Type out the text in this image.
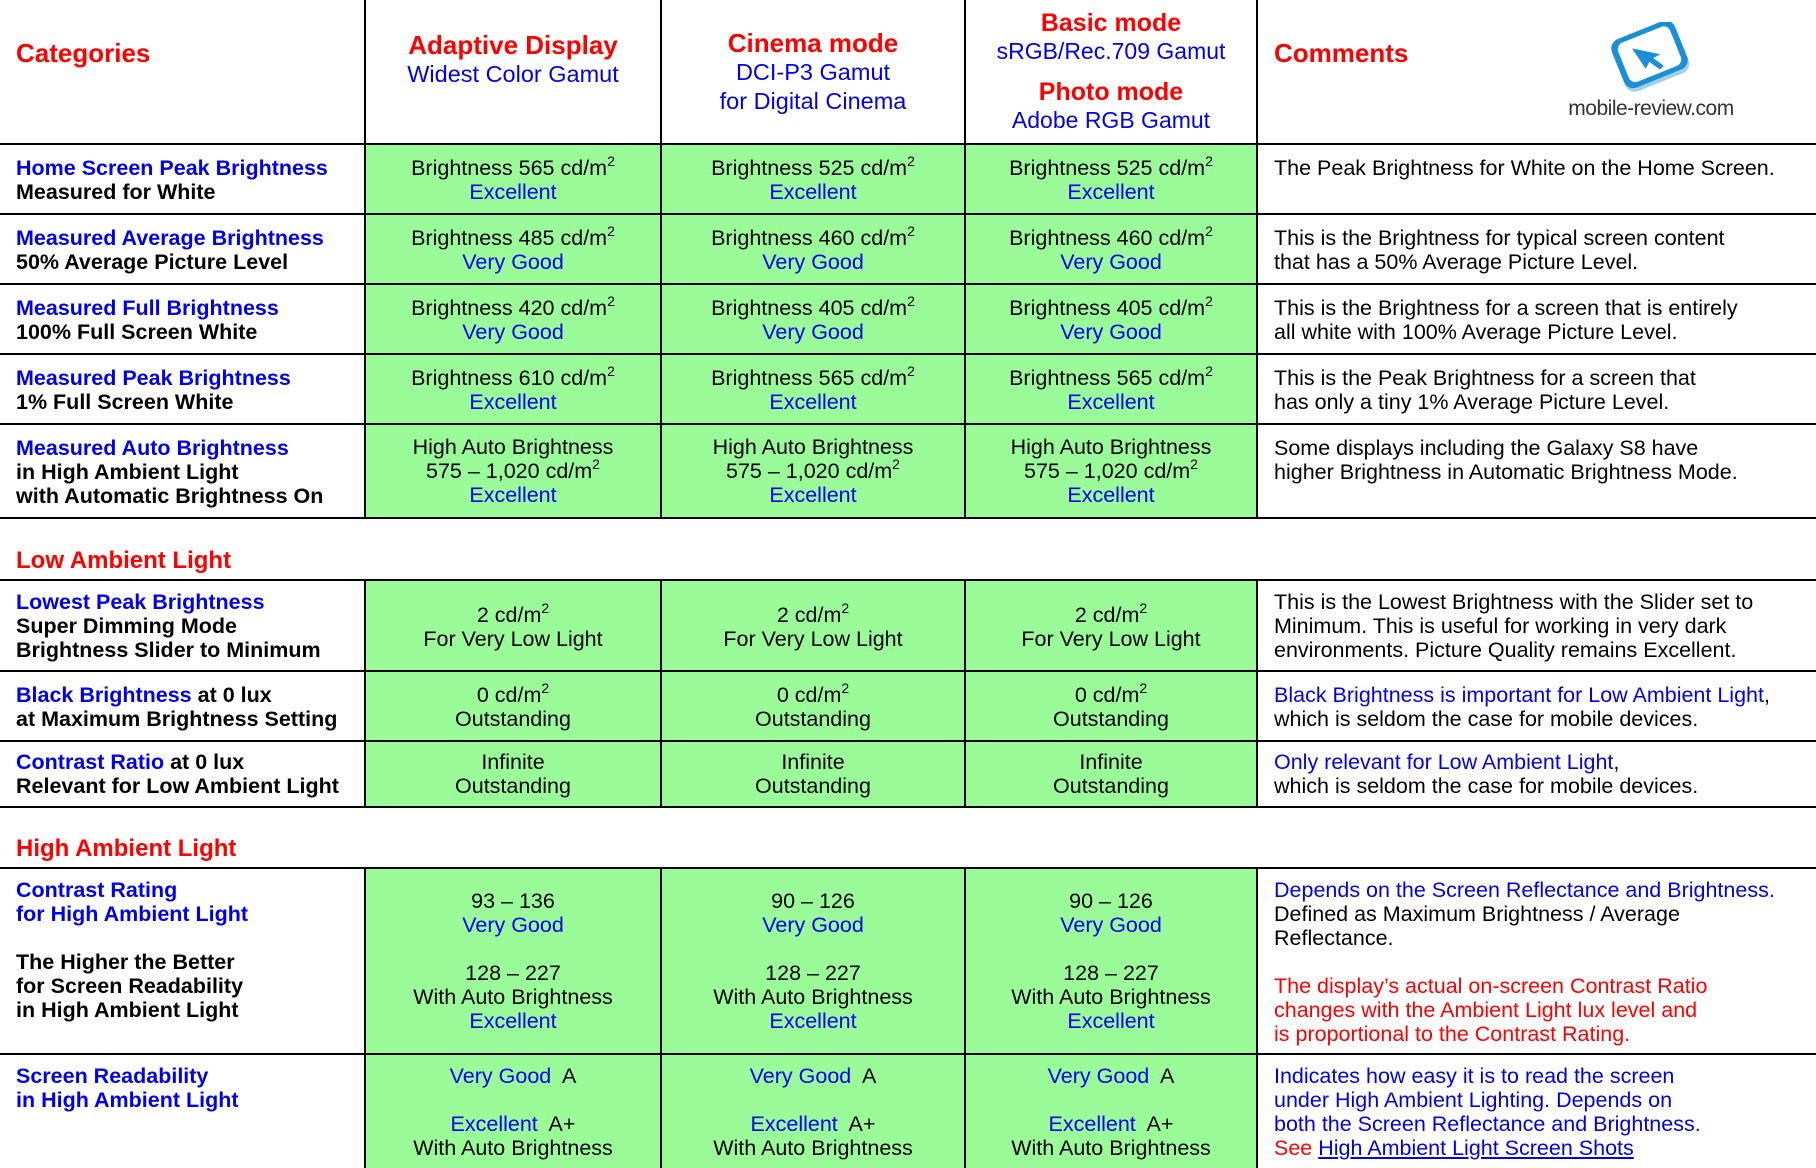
Categories	Adaptive Display
Widest Color Gamut
Cinema mode
DCI-P3 Gamut
for Digital Cinema
Basic mode
sRGB/Rec.709 Gamut
Photo mode
Adobe RGB Gamut
Comments
mobile-review.com
Home Screen Peak Brightness
Measured for White
Brightness 565 $cd/m^2$
Excellent
Brightness 525 $cd/m^2$
Excellent
Brightness 525 $cd/m^2$
Excellent
The Peak Brightness for White on the Home Screen.
Measured Average Brightness
50% Average Picture Level
Brightness 485 $cd/m^2$
Very Good
Brightness 460 $cd/m^2$
Very Good
Brightness 460 $cd/m^2$
Very Good
This is the Brightness for typical screen content
that has a 50% Average Picture Level.
Measured Full Brightness
100% Full Screen White
Brightness 420 $cd/m^2$
Very Good
Brightness 405 $cd/m^2$
Very Good
Brightness 405 $cd/m^2$
Very Good
This is the Brightness for a screen that is entirely
all white with 100% Average Picture Level.
Measured Peak Brightness
1% Full Screen White
Brightness 610 $cd/m^2$
Excellent
Brightness 565 $cd/m^2$
Excellent
Brightness 565 $cd/m^2$
Excellent
This is the Peak Brightness for a screen that
has only a tiny 1% Average Picture Level.
Measured Auto Brightness
in High Ambient Light
with Automatic Brightness On
High Auto Brightness
575 – 1,020 $cd/m^2$
Excellent
High Auto Brightness
575 – 1,020 $cd/m^2$
Excellent
High Auto Brightness
575 – 1,020 $cd/m^2$
Excellent
Some displays including the Galaxy S8 have
higher Brightness in Automatic Brightness Mode.
Low Ambient Light
Lowest Peak Brightness
Super Dimming Mode
Brightness Slider to Minimum
2 $cd/m^2$
For Very Low Light
2 $cd/m^2$
For Very Low Light
2 $cd/m^2$
For Very Low Light
This is the Lowest Brightness with the Slider set to
Minimum. This is useful for working in very dark
environments. Picture Quality remains Excellent.
Black Brightness at 0 lux
at Maximum Brightness Setting
0 $cd/m^2$
Outstanding
0 $cd/m^2$
Outstanding
0 $cd/m^2$
Outstanding
Black Brightness is important for Low Ambient Light,
which is seldom the case for mobile devices.
Contrast Ratio at 0 lux
Relevant for Low Ambient Light
Infinite
Outstanding
Infinite
Outstanding
Infinite
Outstanding
Only relevant for Low Ambient Light,
which is seldom the case for mobile devices.
High Ambient Light
Contrast Rating
for High Ambient Light
The Higher the Better
for Screen Readability
in High Ambient Light
93 – 136
Very Good
128 – 227
With Auto Brightness
Excellent
90 – 126
Very Good
128 – 227
With Auto Brightness
Excellent
90 – 126
Very Good
128 – 227
With Auto Brightness
Excellent
Depends on the Screen Reflectance and Brightness.
Defined as Maximum Brightness / Average
Reflectance.
The display’s actual on-screen Contrast Ratio
changes with the Ambient Light lux level and
is proportional to the Contrast Rating.
Screen Readability
in High Ambient Light
Very Good A
Excellent A+
With Auto Brightness
Very Good A
Excellent A+
With Auto Brightness
Very Good A
Excellent A+
With Auto Brightness
Indicates how easy it is to read the screen
under High Ambient Lighting. Depends on
both the Screen Reflectance and Brightness.
See High Ambient Light Screen Shots
